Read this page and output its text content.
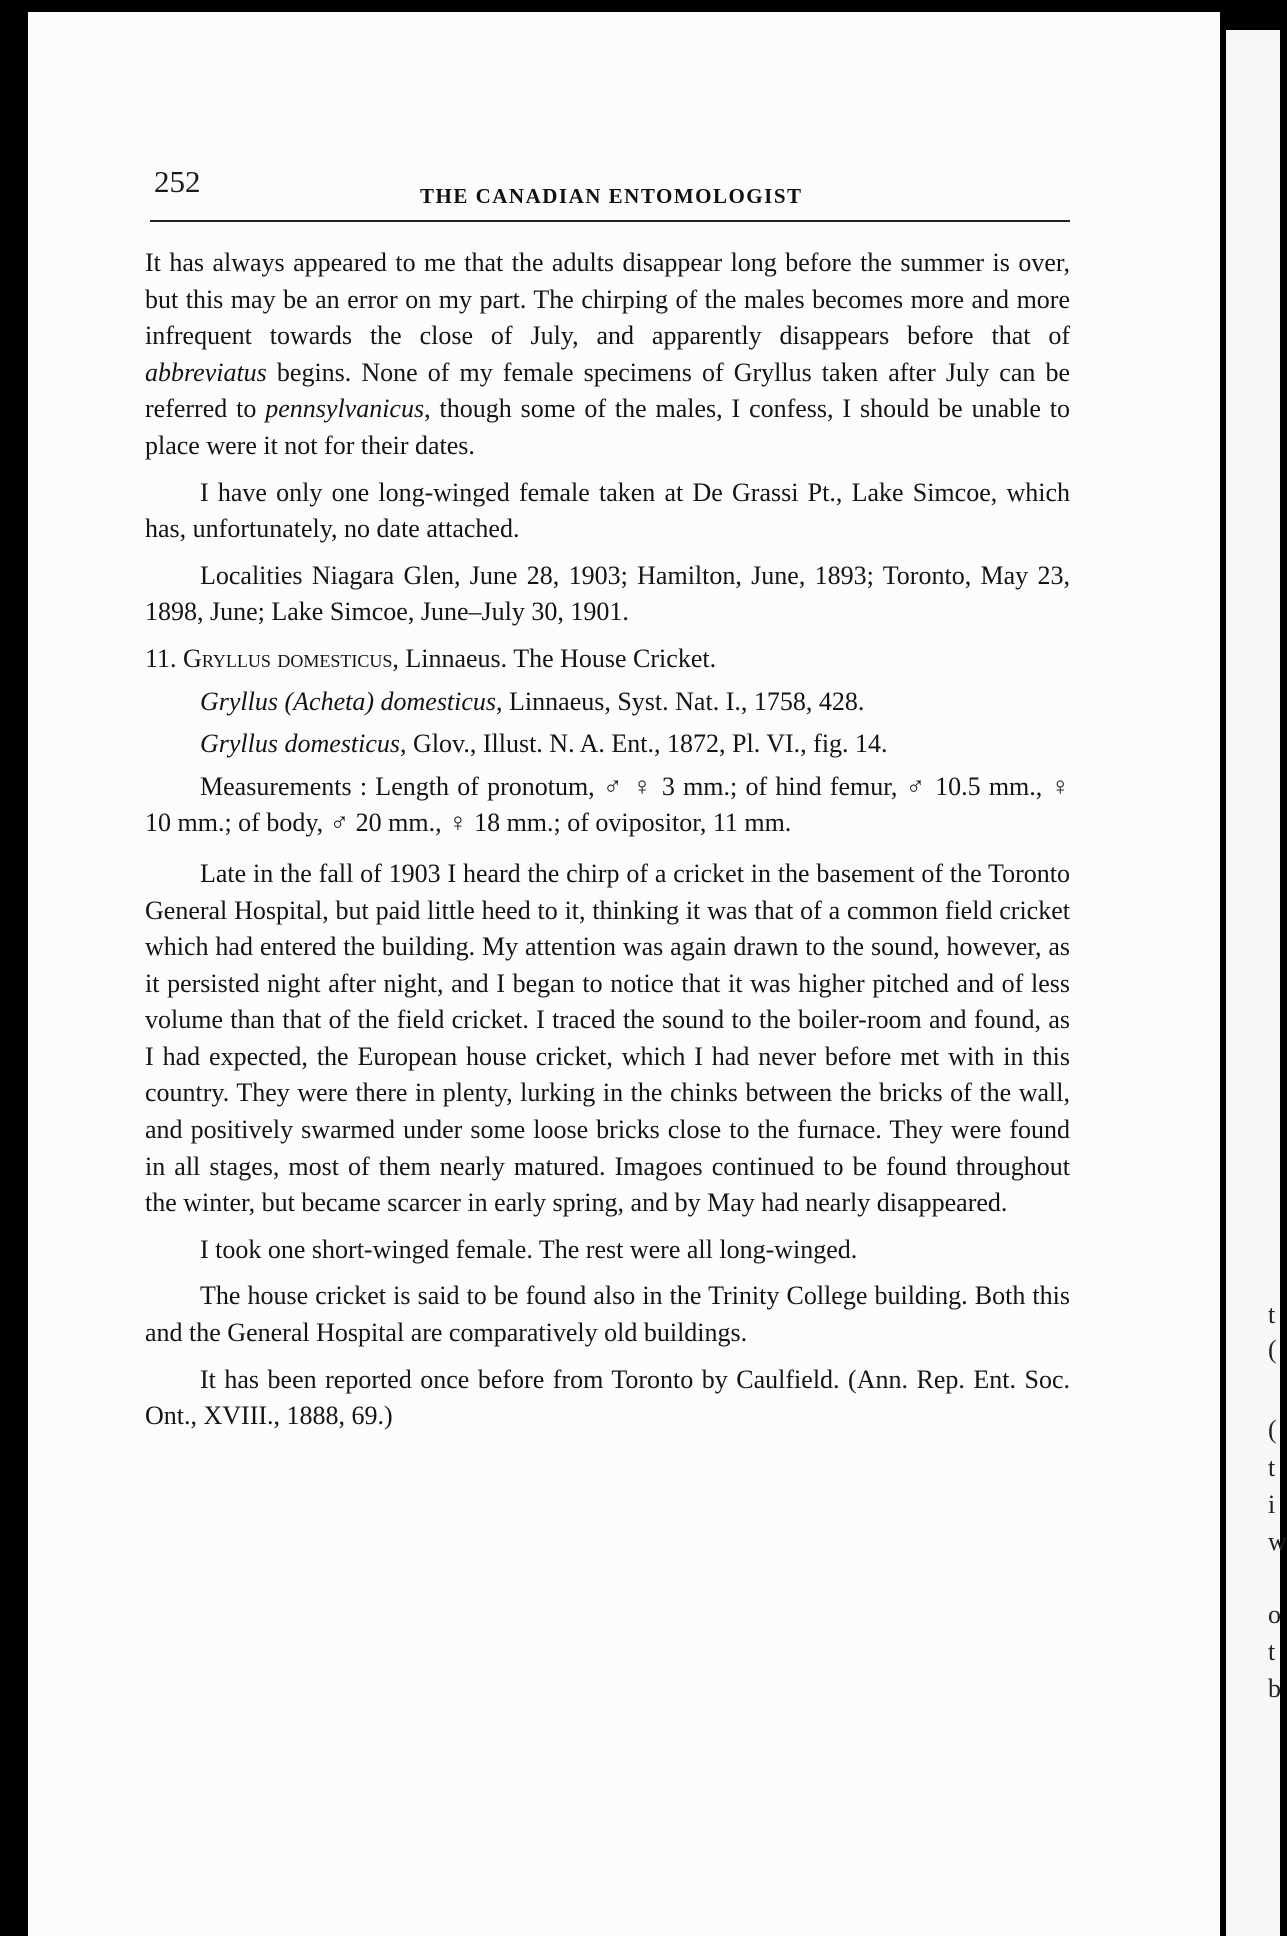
t
(
(
t
i
w
o
t
b
252	THE CANADIAN ENTOMOLOGIST

It has always appeared to me that the adults disappear long before the summer is over, but this may be an error on my part. The chirping of the males becomes more and more infrequent towards the close of July, and apparently disappears before that of abbreviatus begins. None of my female specimens of Gryllus taken after July can be referred to pennsylvanicus, though some of the males, I confess, I should be unable to place were it not for their dates.

I have only one long-winged female taken at De Grassi Pt., Lake Simcoe, which has, unfortunately, no date attached.

Localities Niagara Glen, June 28, 1903; Hamilton, June, 1893; Toronto, May 23, 1898, June; Lake Simcoe, June–July 30, 1901.

11. Gryllus domesticus, Linnaeus. The House Cricket.

Gryllus (Acheta) domesticus, Linnaeus, Syst. Nat. I., 1758, 428.

Gryllus domesticus, Glov., Illust. N. A. Ent., 1872, Pl. VI., fig. 14.

Measurements : Length of pronotum, ♂ ♀ 3 mm.; of hind femur, ♂ 10.5 mm., ♀ 10 mm.; of body, ♂ 20 mm., ♀ 18 mm.; of ovipositor, 11 mm.

Late in the fall of 1903 I heard the chirp of a cricket in the basement of the Toronto General Hospital, but paid little heed to it, thinking it was that of a common field cricket which had entered the building. My attention was again drawn to the sound, however, as it persisted night after night, and I began to notice that it was higher pitched and of less volume than that of the field cricket. I traced the sound to the boiler-room and found, as I had expected, the European house cricket, which I had never before met with in this country. They were there in plenty, lurking in the chinks between the bricks of the wall, and positively swarmed under some loose bricks close to the furnace. They were found in all stages, most of them nearly matured. Imagoes continued to be found throughout the winter, but became scarcer in early spring, and by May had nearly disappeared.

I took one short-winged female. The rest were all long-winged.

The house cricket is said to be found also in the Trinity College building. Both this and the General Hospital are comparatively old buildings.

It has been reported once before from Toronto by Caulfield. (Ann. Rep. Ent. Soc. Ont., XVIII., 1888, 69.)
